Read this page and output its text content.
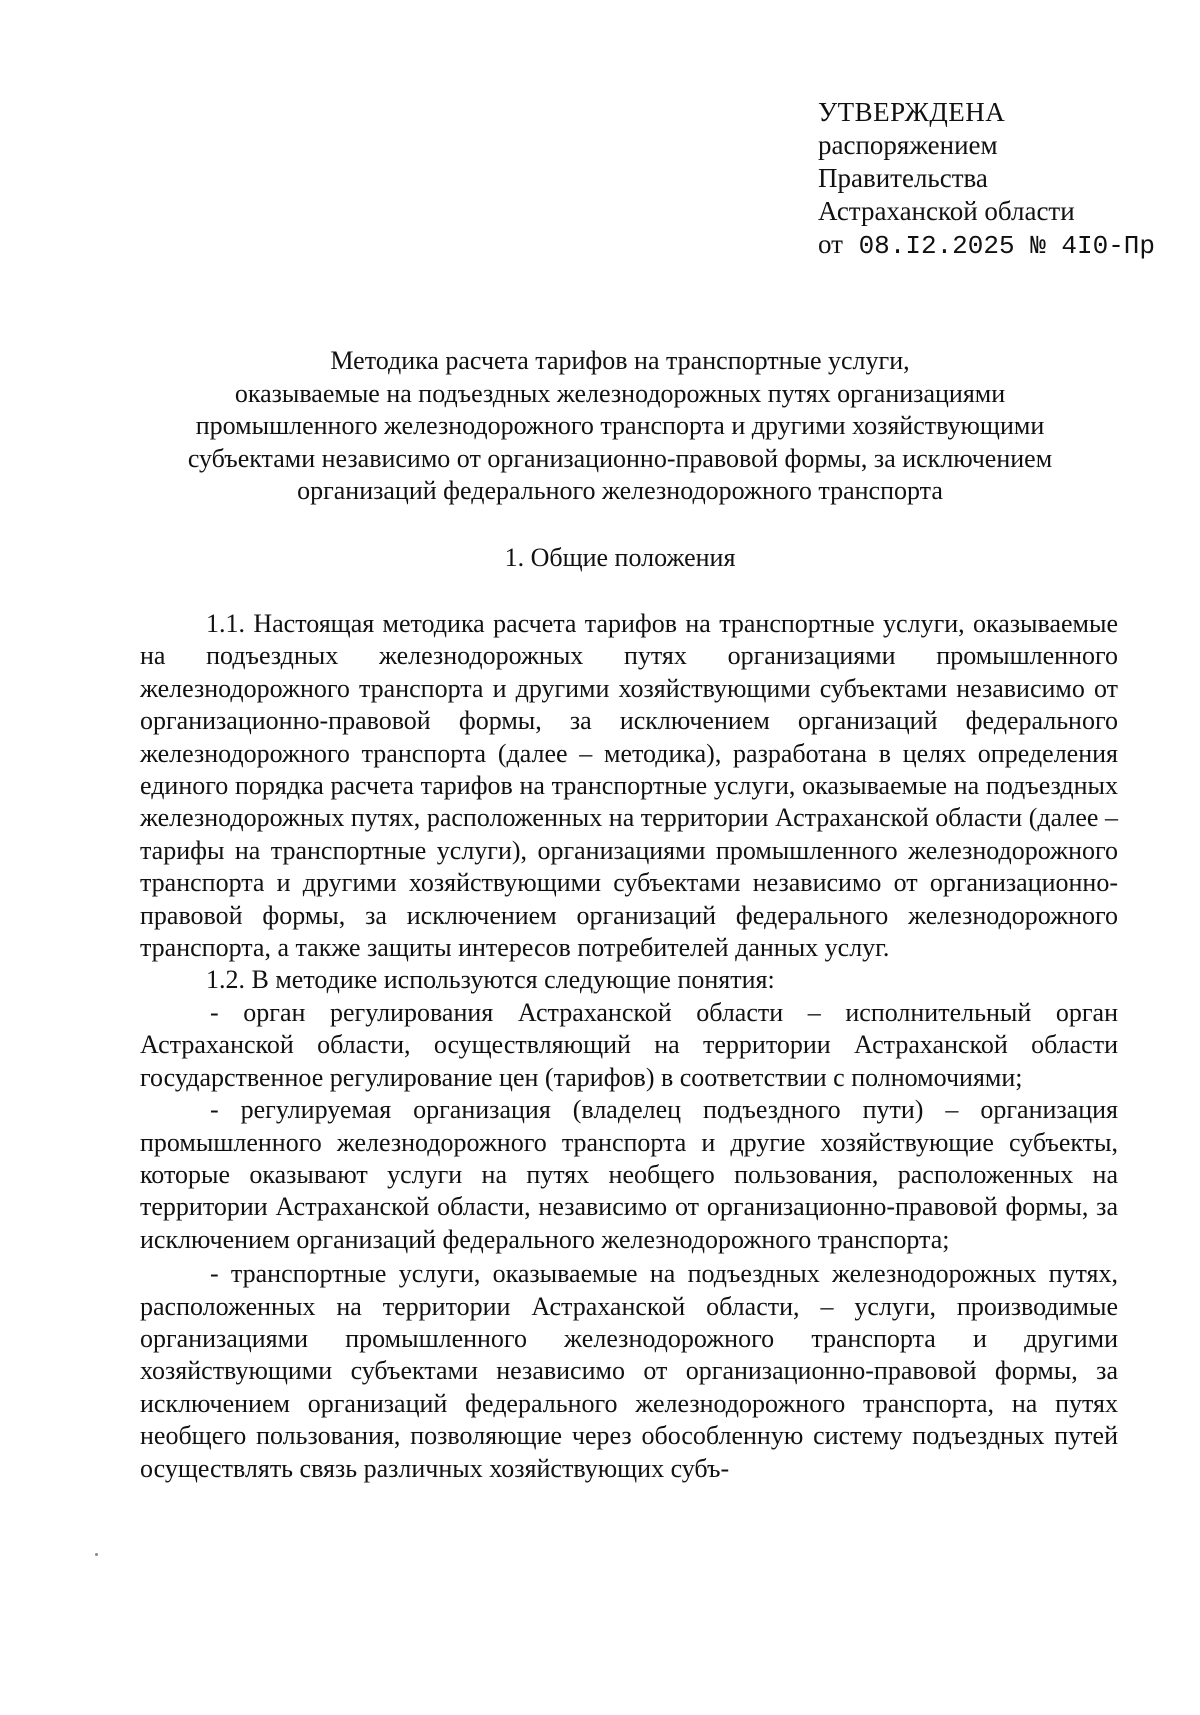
УТВЕРЖДЕНА
распоряжением
Правительства
Астраханской области
от 08.I2.2025 № 4I0-Пр
Методика расчета тарифов на транспортные услуги,
оказываемые на подъездных железнодорожных путях организациями
промышленного железнодорожного транспорта и другими хозяйствующими
субъектами независимо от организационно-правовой формы, за исключением
организаций федерального железнодорожного транспорта
1. Общие положения

1.1. Настоящая методика расчета тарифов на транспортные услуги, оказываемые на подъездных железнодорожных путях организациями промышленного железнодорожного транспорта и другими хозяйствующими субъектами независимо от организационно-правовой формы, за исключением организаций федерального железнодорожного транспорта (далее – методика), разработана в целях определения единого порядка расчета тарифов на транспортные услуги, оказываемые на подъездных железнодорожных путях, расположенных на территории Астраханской области (далее – тарифы на транспортные услуги), организациями промышленного железнодорожного транспорта и другими хозяйствующими субъектами независимо от организационно-правовой формы, за исключением организаций федерального железнодорожного транспорта, а также защиты интересов потребителей данных услуг.

1.2. В методике используются следующие понятия:

- орган регулирования Астраханской области – исполнительный орган Астраханской области, осуществляющий на территории Астраханской области государственное регулирование цен (тарифов) в соответствии с полномочиями;

- регулируемая организация (владелец подъездного пути) – организация промышленного железнодорожного транспорта и другие хозяйствующие субъекты, которые оказывают услуги на путях необщего пользования, расположенных на территории Астраханской области, независимо от организационно-правовой формы, за исключением организаций федерального железнодорожного транспорта;

- транспортные услуги, оказываемые на подъездных железнодорожных путях, расположенных на территории Астраханской области, – услуги, производимые организациями промышленного железнодорожного транспорта и другими хозяйствующими субъектами независимо от организационно-правовой формы, за исключением организаций федерального железнодорожного транспорта, на путях необщего пользования, позволяющие через обособленную систему подъездных путей осуществлять связь различных хозяйствующих субъ-
